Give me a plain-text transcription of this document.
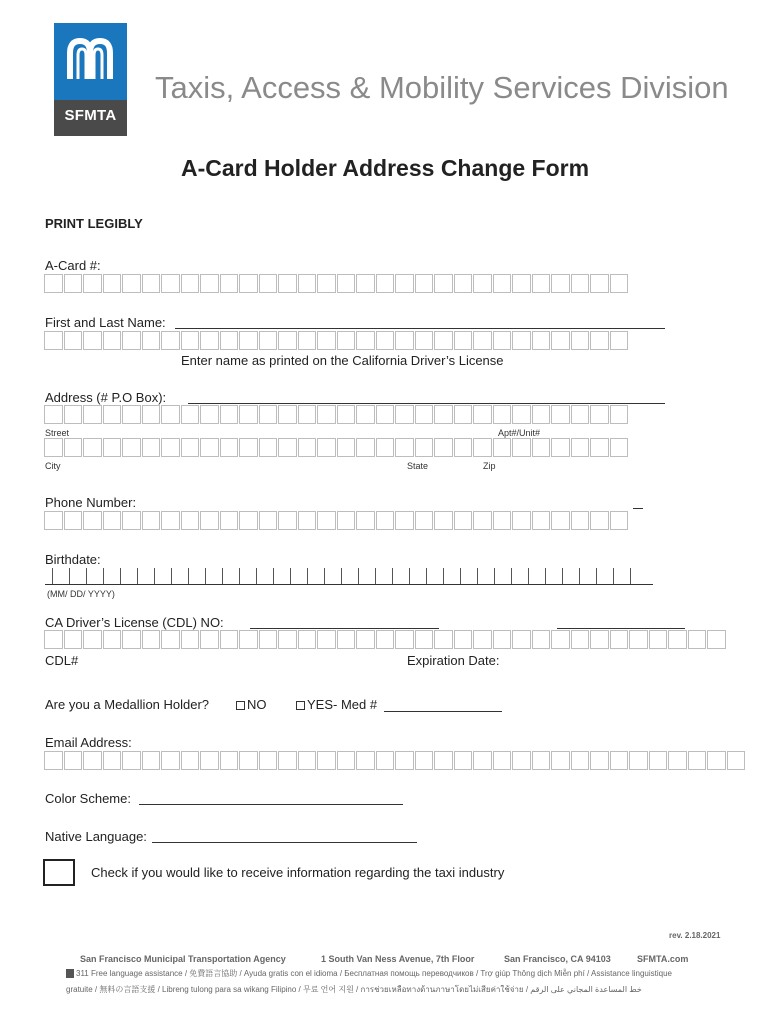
SFMTA
Taxis, Access & Mobility Services Division
A-Card Holder Address Change Form
PRINT LEGIBLY
A-Card #:
First and Last Name:
Enter name as printed on the California Driver’s License
Address (# P.O Box):
Street	Apt#/Unit#
City	State	Zip
Phone Number:
Birthdate:
(MM/ DD/ YYYY)
CA Driver’s License (CDL) NO:
CDL#	Expiration Date:
Are you a Medallion Holder?	NO	YES- Med #
Email Address:
Color Scheme:
Native Language:
Check if you would like to receive information regarding the taxi industry
rev. 2.18.2021
San Francisco Municipal Transportation Agency	1 South Van Ness Avenue, 7th Floor	San Francisco, CA 94103	SFMTA.com
311 Free language assistance / 免費語言協助 / Ayuda gratis con el idioma / Бесплатная помощь переводчиков / Trợ giúp Thông dịch Miễn phí / Assistance linguistique
gratuite / 無料の言語支援 / Libreng tulong para sa wikang Filipino / 무료 언어 지원 / การช่วยเหลือทางด้านภาษาโดยไม่เสียค่าใช้จ่าย / خط المساعدة المجاني على الرقم
